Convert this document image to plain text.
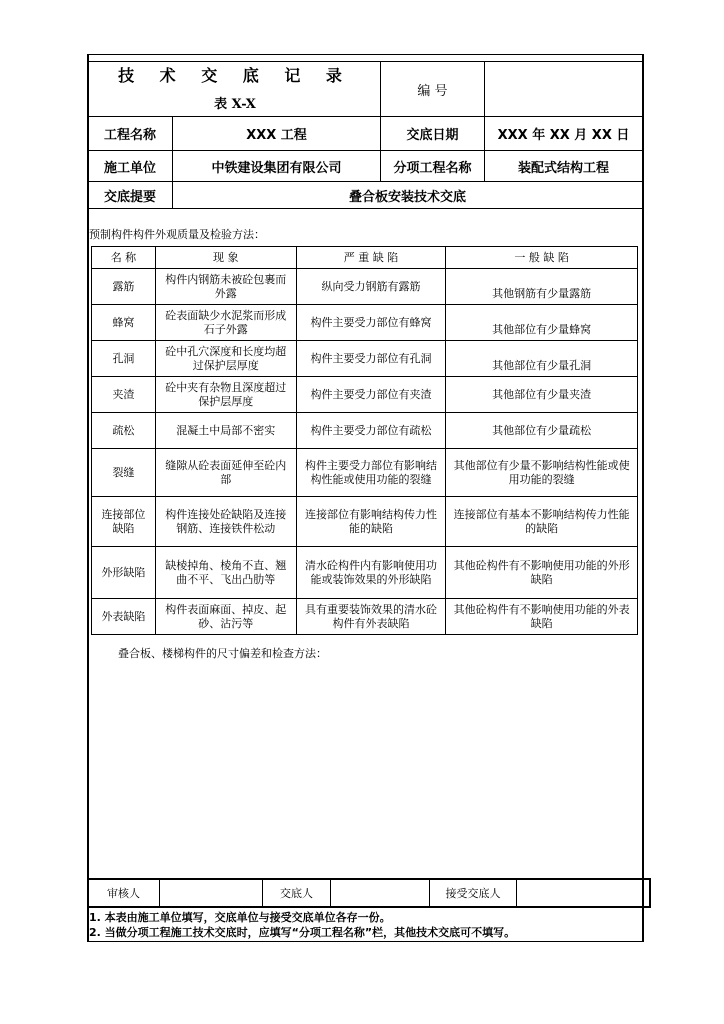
技 术 交 底 记 录
表 X-X
编 号
工程名称	XXX 工程	交底日期	XXX 年 XX 月 XX 日
施工单位	中铁建设集团有限公司	分项工程名称	装配式结构工程
交底提要	叠合板安装技术交底
预制构件构件外观质量及检验方法：
名 称	现 象	严 重 缺 陷	一 般 缺 陷
露筋	构件内钢筋未被砼包裹而外露	纵向受力钢筋有露筋	其他钢筋有少量露筋
蜂窝	砼表面缺少水泥浆而形成石子外露	构件主要受力部位有蜂窝	其他部位有少量蜂窝
孔洞	砼中孔穴深度和长度均超过保护层厚度	构件主要受力部位有孔洞	其他部位有少量孔洞
夹渣	砼中夹有杂物且深度超过保护层厚度	构件主要受力部位有夹渣	其他部位有少量夹渣
疏松	混凝土中局部不密实	构件主要受力部位有疏松	其他部位有少量疏松
裂缝	缝隙从砼表面延伸至砼内部	构件主要受力部位有影响结构性能或使用功能的裂缝	其他部位有少量不影响结构性能或使用功能的裂缝
连接部位缺陷	构件连接处砼缺陷及连接钢筋、连接铁件松动	连接部位有影响结构传力性能的缺陷	连接部位有基本不影响结构传力性能的缺陷
外形缺陷	缺棱掉角、棱角不直、翘曲不平、飞出凸肋等	清水砼构件内有影响使用功能或装饰效果的外形缺陷	其他砼构件有不影响使用功能的外形缺陷
外表缺陷	构件表面麻面、掉皮、起砂、沾污等	具有重要装饰效果的清水砼构件有外表缺陷	其他砼构件有不影响使用功能的外表缺陷
叠合板、楼梯构件的尺寸偏差和检查方法：
审核人	交底人	接受交底人
1. 本表由施工单位填写，交底单位与接受交底单位各存一份。
2. 当做分项工程施工技术交底时，应填写“分项工程名称”栏，其他技术交底可不填写。
